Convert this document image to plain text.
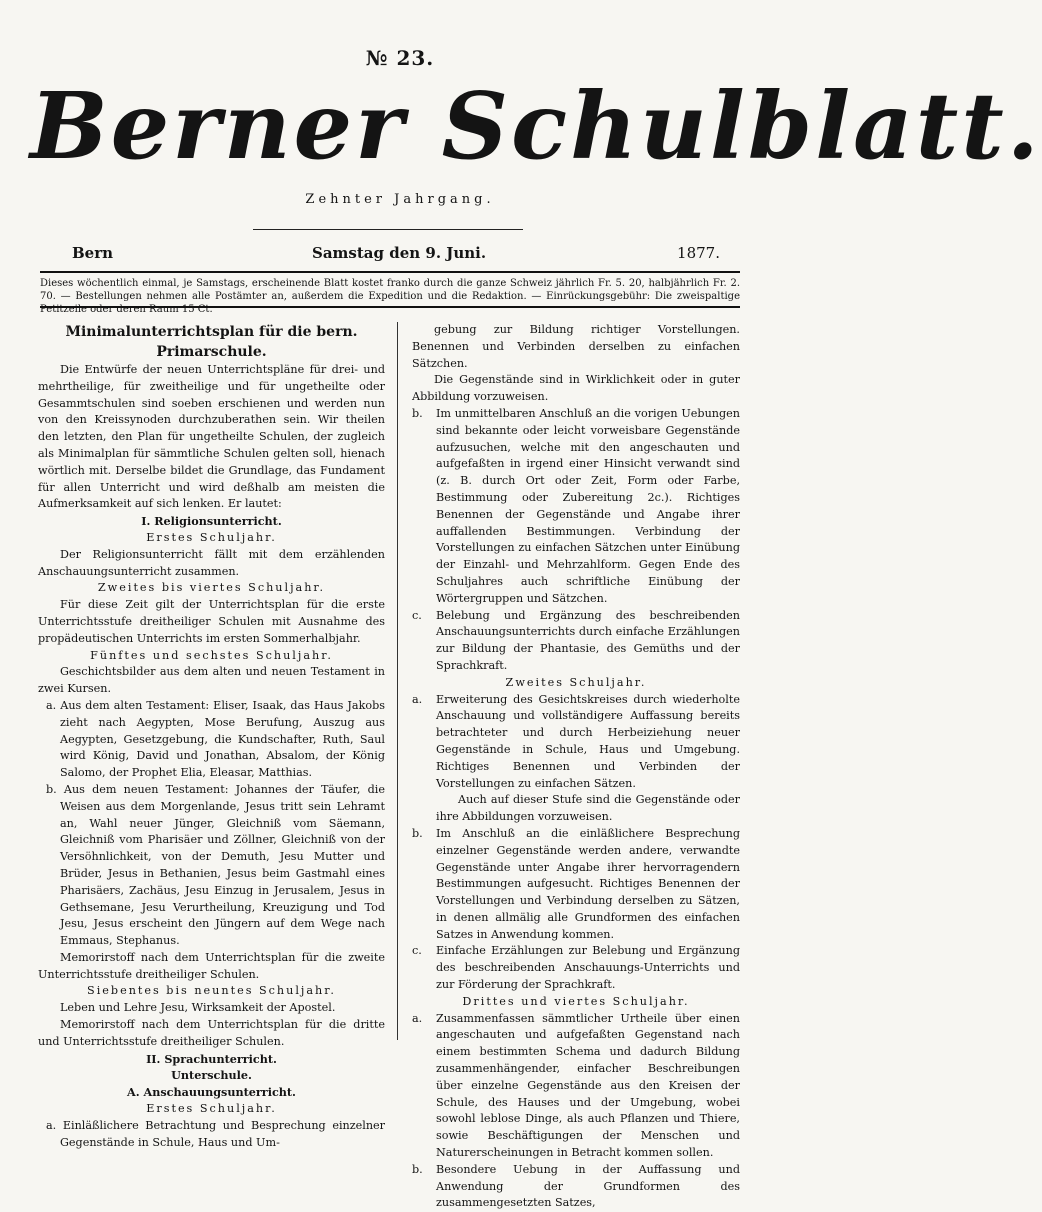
№ 23.
Berner Schulblatt.
Zehnter Jahrgang.
Bern	Samstag den 9. Juni.	1877.
Dieses wöchentlich einmal, je Samstags, erscheinende Blatt kostet franko durch die ganze Schweiz jährlich Fr. 5. 20, halbjährlich Fr. 2. 70. — Bestellungen nehmen alle Postämter an, außerdem die Expedition und die Redaktion. — Einrückungsgebühr: Die zweispaltige Petitzeile oder deren Raum 15 Ct.

Minimalunterrichtsplan für die bern. Primarschule.

Die Entwürfe der neuen Unterrichtspläne für drei- und mehrtheilige, für zweitheilige und für ungetheilte oder Gesammtschulen sind soeben erschienen und werden nun von den Kreissynoden durchzuberathen sein. Wir theilen den letzten, den Plan für ungetheilte Schulen, der zugleich als Minimalplan für sämmtliche Schulen gelten soll, hienach wörtlich mit. Derselbe bildet die Grundlage, das Fundament für allen Unterricht und wird deßhalb am meisten die Aufmerksamkeit auf sich lenken. Er lautet:

I. Religionsunterricht.

Erstes Schuljahr.

Der Religionsunterricht fällt mit dem erzählenden Anschauungsunterricht zusammen.

Zweites bis viertes Schuljahr.

Für diese Zeit gilt der Unterrichtsplan für die erste Unterrichtsstufe dreitheiliger Schulen mit Ausnahme des propädeutischen Unterrichts im ersten Sommerhalbjahr.

Fünftes und sechstes Schuljahr.

Geschichtsbilder aus dem alten und neuen Testament in zwei Kursen.

a. Aus dem alten Testament: Eliser, Isaak, das Haus Jakobs zieht nach Aegypten, Mose Berufung, Auszug aus Aegypten, Gesetzgebung, die Kundschafter, Ruth, Saul wird König, David und Jonathan, Absalom, der König Salomo, der Prophet Elia, Eleasar, Matthias.

b. Aus dem neuen Testament: Johannes der Täufer, die Weisen aus dem Morgenlande, Jesus tritt sein Lehramt an, Wahl neuer Jünger, Gleichniß vom Säemann, Gleichniß vom Pharisäer und Zöllner, Gleichniß von der Versöhnlichkeit, von der Demuth, Jesu Mutter und Brüder, Jesus in Bethanien, Jesus beim Gastmahl eines Pharisäers, Zachäus, Jesu Einzug in Jerusalem, Jesus in Gethsemane, Jesu Verurtheilung, Kreuzigung und Tod Jesu, Jesus erscheint den Jüngern auf dem Wege nach Emmaus, Stephanus.

Memorirstoff nach dem Unterrichtsplan für die zweite Unterrichtsstufe dreitheiliger Schulen.

Siebentes bis neuntes Schuljahr.

Leben und Lehre Jesu, Wirksamkeit der Apostel.

Memorirstoff nach dem Unterrichtsplan für die dritte und Unterrichtsstufe dreitheiliger Schulen.

II. Sprachunterricht.

Unterschule.

A. Anschauungsunterricht.

Erstes Schuljahr.

a. Einläßlichere Betrachtung und Besprechung einzelner Gegenstände in Schule, Haus und Um-

gebung zur Bildung richtiger Vorstellungen. Benennen und Verbinden derselben zu einfachen Sätzchen.

Die Gegenstände sind in Wirklichkeit oder in guter Abbildung vorzuweisen.

b. Im unmittelbaren Anschluß an die vorigen Uebungen sind bekannte oder leicht vorweisbare Gegenstände aufzusuchen, welche mit den angeschauten und aufgefaßten in irgend einer Hinsicht verwandt sind (z. B. durch Ort oder Zeit, Form oder Farbe, Bestimmung oder Zubereitung 2c.). Richtiges Benennen der Gegenstände und Angabe ihrer auffallenden Bestimmungen. Verbindung der Vorstellungen zu einfachen Sätzchen unter Einübung der Einzahl- und Mehrzahlform. Gegen Ende des Schuljahres auch schriftliche Einübung der Wörtergruppen und Sätzchen.

c. Belebung und Ergänzung des beschreibenden Anschauungsunterrichts durch einfache Erzählungen zur Bildung der Phantasie, des Gemüths und der Sprachkraft.

Zweites Schuljahr.

a. Erweiterung des Gesichtskreises durch wiederholte Anschauung und vollständigere Auffassung bereits betrachteter und durch Herbeiziehung neuer Gegenstände in Schule, Haus und Umgebung. Richtiges Benennen und Verbinden der Vorstellungen zu einfachen Sätzen.

Auch auf dieser Stufe sind die Gegenstände oder ihre Abbildungen vorzuweisen.

b. Im Anschluß an die einläßlichere Besprechung einzelner Gegenstände werden andere, verwandte Gegenstände unter Angabe ihrer hervorragendern Bestimmungen aufgesucht. Richtiges Benennen der Vorstellungen und Verbindung derselben zu Sätzen, in denen allmälig alle Grundformen des einfachen Satzes in Anwendung kommen.

c. Einfache Erzählungen zur Belebung und Ergänzung des beschreibenden Anschauungs-Unterrichts und zur Förderung der Sprachkraft.

Drittes und viertes Schuljahr.

a. Zusammenfassen sämmtlicher Urtheile über einen angeschauten und aufgefaßten Gegenstand nach einem bestimmten Schema und dadurch Bildung zusammenhängender, einfacher Beschreibungen über einzelne Gegenstände aus den Kreisen der Schule, des Hauses und der Umgebung, wobei sowohl leblose Dinge, als auch Pflanzen und Thiere, sowie Beschäftigungen der Menschen und Naturerscheinungen in Betracht kommen sollen.

b. Besondere Uebung in der Auffassung und Anwendung der Grundformen des zusammengesetzten Satzes,
